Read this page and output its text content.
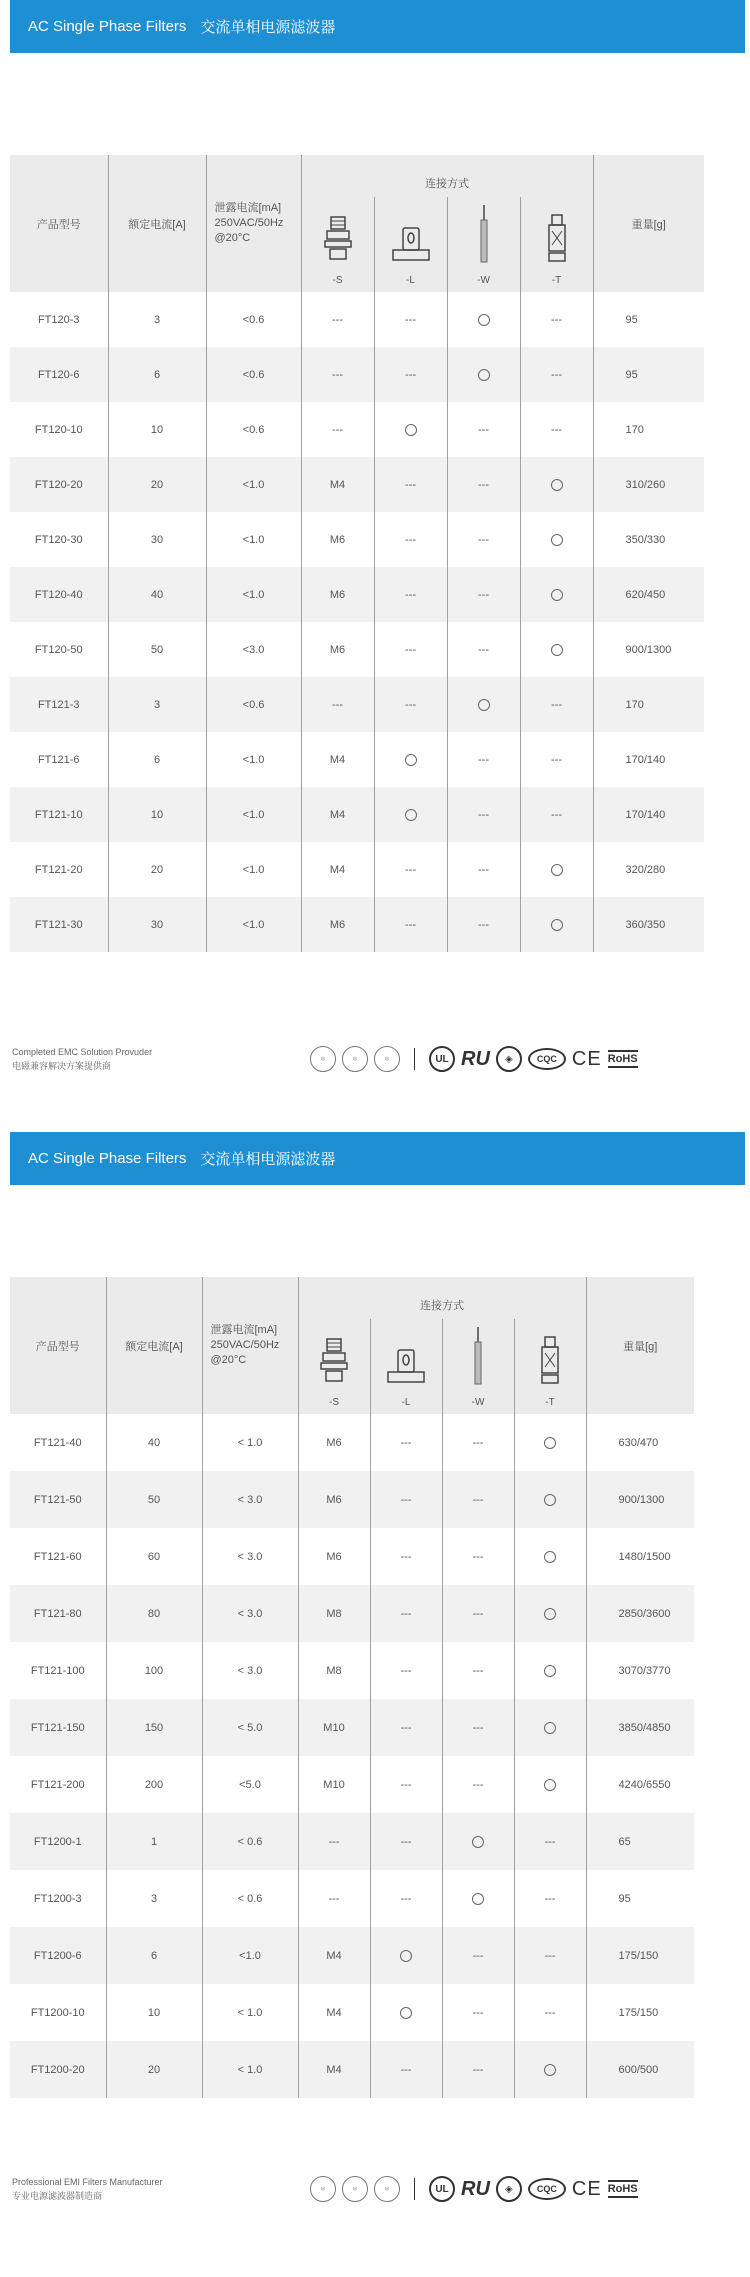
AC Single Phase Filters 交流单相电源滤波器
产品型号	额定电流[A]	泄露电流[mA]
250VAC/50Hz
@20°C	连接方式				重量[g]

			-S	-L	-W	-T	

FT120-3	3	<0.6	---	---		---	95
FT120-6	6	<0.6	---	---		---	95
FT120-10	10	<0.6	---		---	---	170
FT120-20	20	<1.0	M4	---	---		310/260
FT120-30	30	<1.0	M6	---	---		350/330
FT120-40	40	<1.0	M6	---	---		620/450
FT120-50	50	<3.0	M6	---	---		900/1300
FT121-3	3	<0.6	---	---		---	170
FT121-6	6	<1.0	M4		---	---	170/140
FT121-10	10	<1.0	M4		---	---	170/140
FT121-20	20	<1.0	M4	---	---		320/280
FT121-30	30	<1.0	M6	---	---		360/350
Completed EMC Solution Provuder
电磁兼容解决方案提供商
◎	◎	◎	UL RU	◈	CQC CE RoHS
AC Single Phase Filters 交流单相电源滤波器
产品型号	额定电流[A]	泄露电流[mA]
250VAC/50Hz
@20°C	连接方式				重量[g]

			-S	-L	-W	-T	

FT121-40	40	< 1.0	M6	---	---		630/470
FT121-50	50	< 3.0	M6	---	---		900/1300
FT121-60	60	< 3.0	M6	---	---		1480/1500
FT121-80	80	< 3.0	M8	---	---		2850/3600
FT121-100	100	< 3.0	M8	---	---		3070/3770
FT121-150	150	< 5.0	M10	---	---		3850/4850
FT121-200	200	<5.0	M10	---	---		4240/6550
FT1200-1	1	< 0.6	---	---		---	65
FT1200-3	3	< 0.6	---	---		---	95
FT1200-6	6	<1.0	M4		---	---	175/150
FT1200-10	10	< 1.0	M4		---	---	175/150
FT1200-20	20	< 1.0	M4	---	---		600/500
Professional EMI Filters Manufacturer
专业电源滤波器制造商
◎	◎	◎	UL RU	◈	CQC CE RoHS
